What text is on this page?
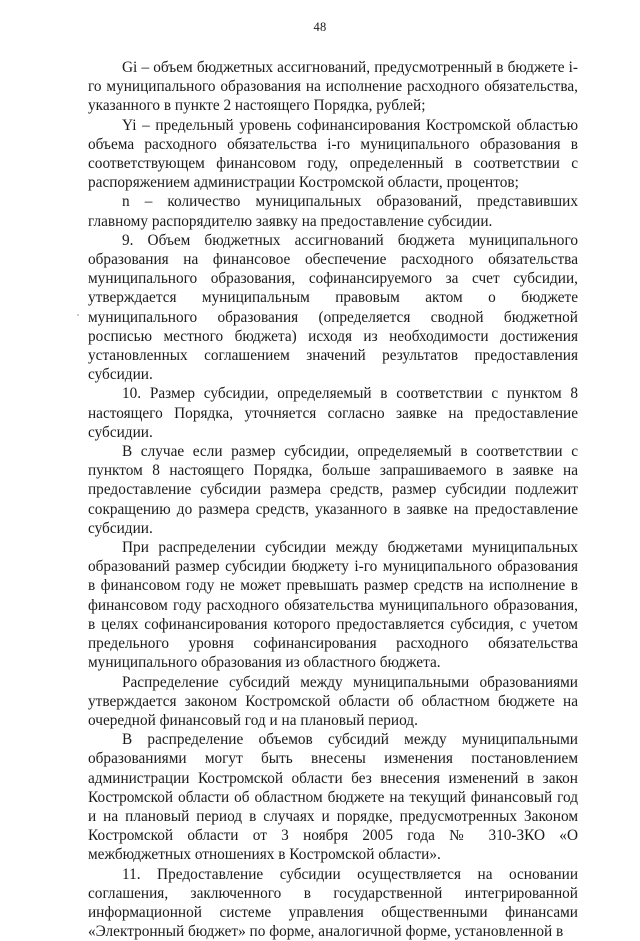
48

Gi – объем бюджетных ассигнований, предусмотренный в бюджете i-го муниципального образования на исполнение расходного обязательства, указанного в пункте 2 настоящего Порядка, рублей;

Yi – предельный уровень софинансирования Костромской областью объема расходного обязательства i-го муниципального образования в соответствующем финансовом году, определенный в соответствии с распоряжением администрации Костромской области, процентов;

n – количество муниципальных образований, представивших главному распорядителю заявку на предоставление субсидии.

9. Объем бюджетных ассигнований бюджета муниципального образования на финансовое обеспечение расходного обязательства муниципального образования, софинансируемого за счет субсидии, утверждается муниципальным правовым актом о бюджете муниципального образования (определяется сводной бюджетной росписью местного бюджета) исходя из необходимости достижения установленных соглашением значений результатов предоставления субсидии.

10. Размер субсидии, определяемый в соответствии с пунктом 8 настоящего Порядка, уточняется согласно заявке на предоставление субсидии.

В случае если размер субсидии, определяемый в соответствии с пунктом 8 настоящего Порядка, больше запрашиваемого в заявке на предоставление субсидии размера средств, размер субсидии подлежит сокращению до размера средств, указанного в заявке на предоставление субсидии.

При распределении субсидии между бюджетами муниципальных образований размер субсидии бюджету i-го муниципального образования в финансовом году не может превышать размер средств на исполнение в финансовом году расходного обязательства муниципального образования, в целях софинансирования которого предоставляется субсидия, с учетом предельного уровня софинансирования расходного обязательства муниципального образования из областного бюджета.

Распределение субсидий между муниципальными образованиями утверждается законом Костромской области об областном бюджете на очередной финансовый год и на плановый период.

В распределение объемов субсидий между муниципальными образованиями могут быть внесены изменения постановлением администрации Костромской области без внесения изменений в закон Костромской области об областном бюджете на текущий финансовый год и на плановый период в случаях и порядке, предусмотренных Законом Костромской области от 3 ноября 2005 года № 310-ЗКО «О межбюджетных отношениях в Костромской области».

11. Предоставление субсидии осуществляется на основании соглашения, заключенного в государственной интегрированной информационной системе управления общественными финансами «Электронный бюджет» по форме, аналогичной форме, установленной в
